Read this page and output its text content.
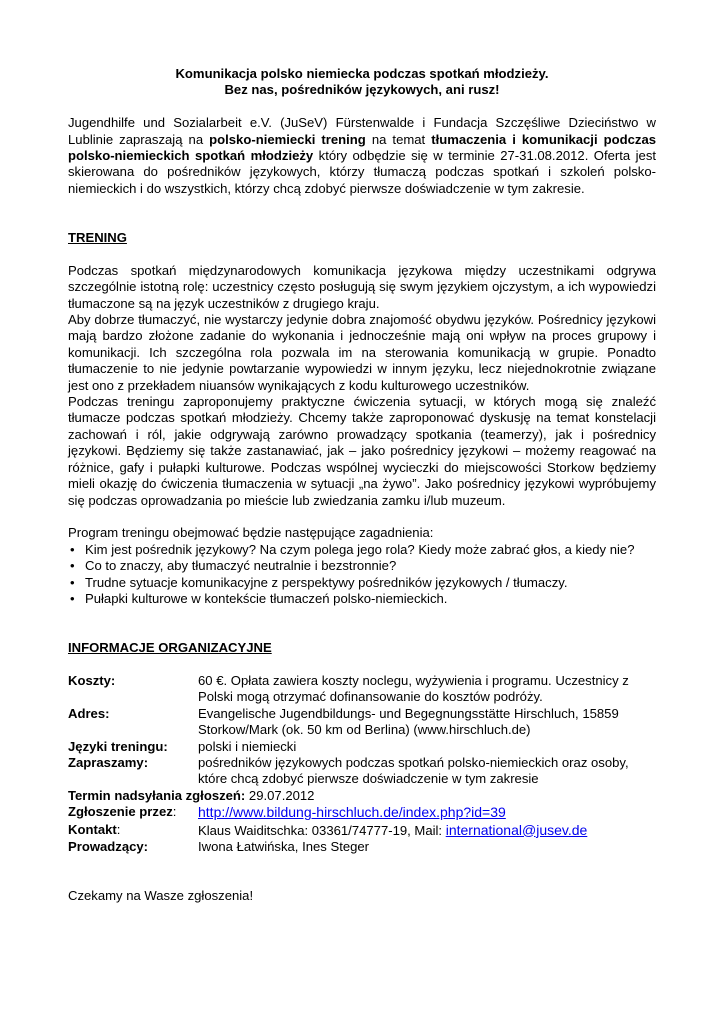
Komunikacja polsko niemiecka podczas spotkań młodzieży.
Bez nas, pośredników językowych, ani rusz!

Jugendhilfe und Sozialarbeit e.V. (JuSeV) Fürstenwalde i Fundacja Szczęśliwe Dzieciństwo w Lublinie zapraszają na polsko-niemiecki trening na temat tłumaczenia i komunikacji podczas polsko-niemieckich spotkań młodzieży który odbędzie się w terminie 27-31.08.2012. Oferta jest skierowana do pośredników językowych, którzy tłumaczą podczas spotkań i szkoleń polsko-niemieckich i do wszystkich, którzy chcą zdobyć pierwsze doświadczenie w tym zakresie.

TRENING

Podczas spotkań międzynarodowych komunikacja językowa między uczestnikami odgrywa szczególnie istotną rolę: uczestnicy często posługują się swym językiem ojczystym, a ich wypowiedzi tłumaczone są na język uczestników z drugiego kraju.

Aby dobrze tłumaczyć, nie wystarczy jedynie dobra znajomość obydwu języków. Pośrednicy językowi mają bardzo złożone zadanie do wykonania i jednocześnie mają oni wpływ na proces grupowy i komunikacji. Ich szczególna rola pozwala im na sterowania komunikacją w grupie. Ponadto tłumaczenie to nie jedynie powtarzanie wypowiedzi w innym języku, lecz niejednokrotnie związane jest ono z przekładem niuansów wynikających z kodu kulturowego uczestników.

Podczas treningu zaproponujemy praktyczne ćwiczenia sytuacji, w których mogą się znaleźć tłumacze podczas spotkań młodzieży. Chcemy także zaproponować dyskusję na temat konstelacji zachowań i ról, jakie odgrywają zarówno prowadzący spotkania (teamerzy), jak i pośrednicy językowi. Będziemy się także zastanawiać, jak – jako pośrednicy językowi – możemy reagować na różnice, gafy i pułapki kulturowe. Podczas wspólnej wycieczki do miejscowości Storkow będziemy mieli okazję do ćwiczenia tłumaczenia w sytuacji „na żywo”. Jako pośrednicy językowi wypróbujemy się podczas oprowadzania po mieście lub zwiedzania zamku i/lub muzeum.

Program treningu obejmować będzie następujące zagadnienia:

• Kim jest pośrednik językowy? Na czym polega jego rola? Kiedy może zabrać głos, a kiedy nie?
• Co to znaczy, aby tłumaczyć neutralnie i bezstronnie?
• Trudne sytuacje komunikacyjne z perspektywy pośredników językowych / tłumaczy.
• Pułapki kulturowe w kontekście tłumaczeń polsko-niemieckich.

INFORMACJE ORGANIZACYJNE

Koszty:	60 €. Opłata zawiera koszty noclegu, wyżywienia i programu. Uczestnicy z Polski mogą otrzymać dofinansowanie do kosztów podróży.
Adres:	Evangelische Jugendbildungs- und Begegnungsstätte Hirschluch, 15859 Storkow/Mark (ok. 50 km od Berlina) (www.hirschluch.de)
Języki treningu:	polski i niemiecki
Zapraszamy:	pośredników językowych podczas spotkań polsko-niemieckich oraz osoby, które chcą zdobyć pierwsze doświadczenie w tym zakresie
Termin nadsyłania zgłoszeń: 29.07.2012
Zgłoszenie przez:	http://www.bildung-hirschluch.de/index.php?id=39
Kontakt:	Klaus Waiditschka: 03361/74777-19, Mail: international@jusev.de
Prowadzący:	Iwona Łatwińska, Ines Steger

Czekamy na Wasze zgłoszenia!
